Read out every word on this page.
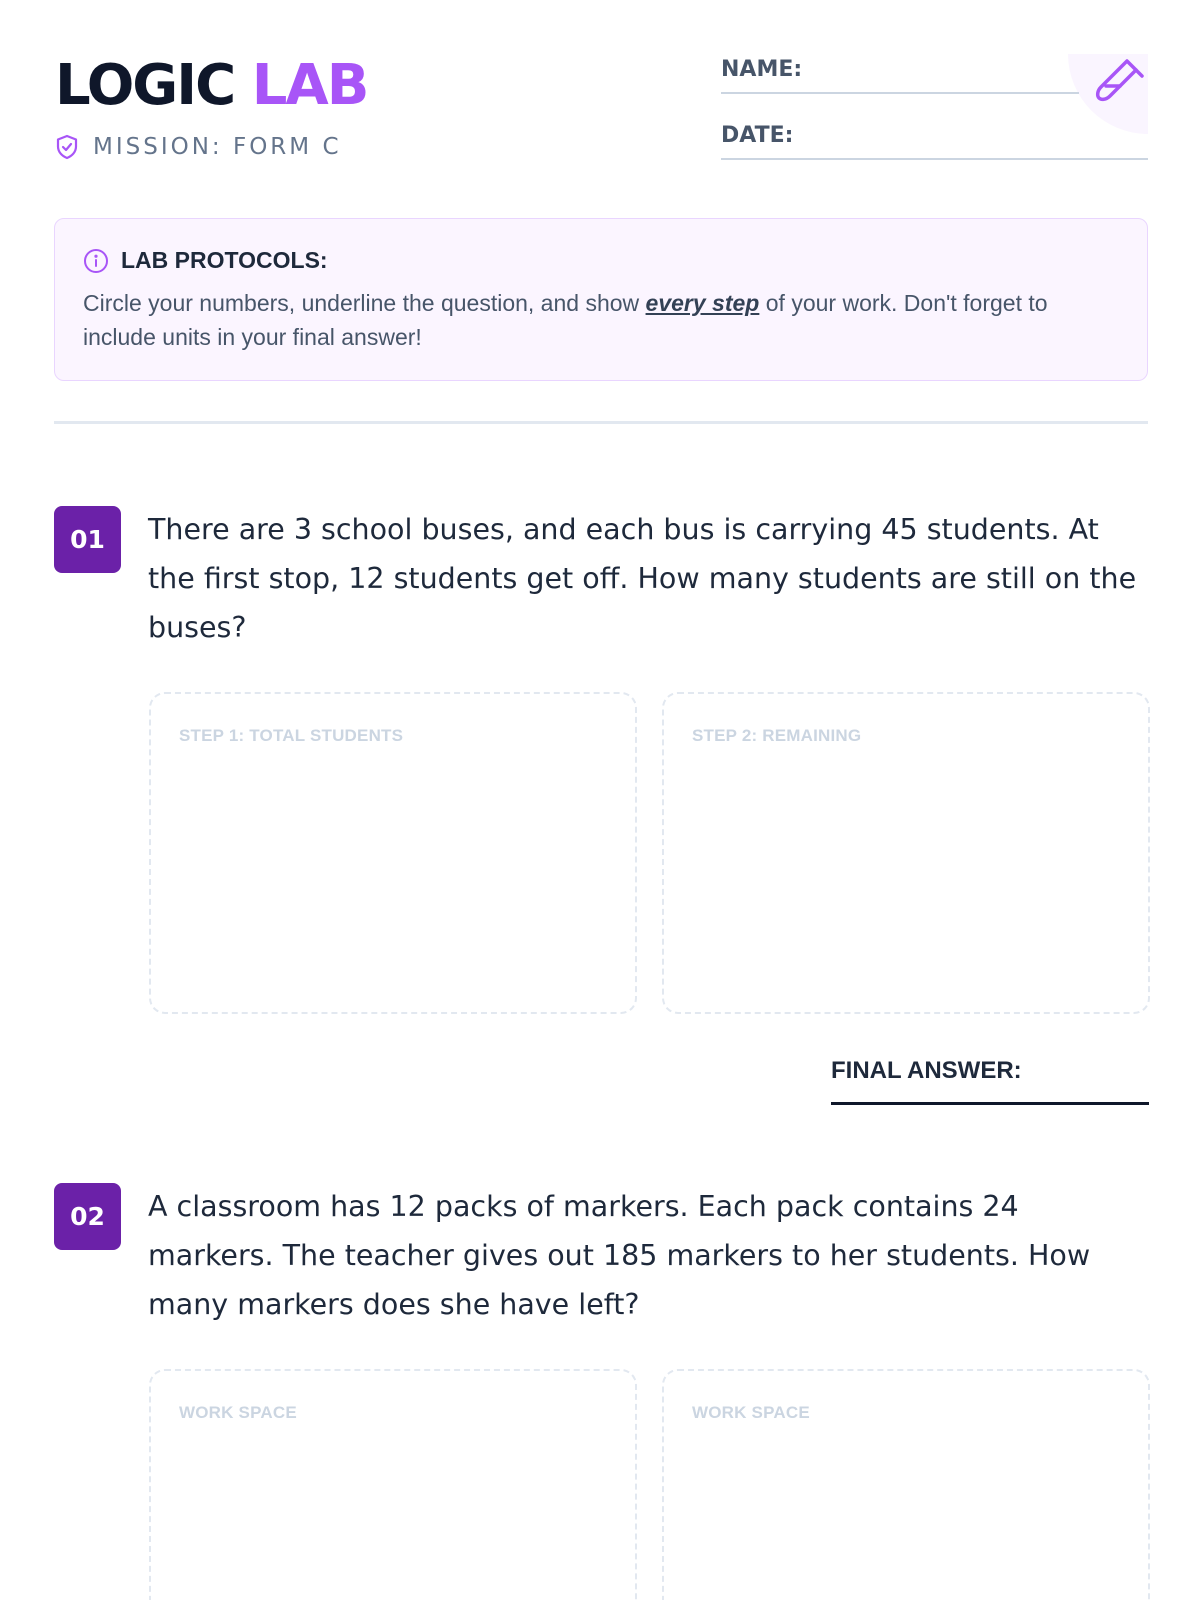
LOGIC LAB
MISSION: FORM C
NAME:
DATE:
LAB PROTOCOLS:
Circle your numbers, underline the question, and show every step of your work. Don't forget to include units in your final answer!
01	There are 3 school buses, and each bus is carrying 45 students. At the first stop, 12 students get off. How many students are still on the buses?
STEP 1: TOTAL STUDENTS	STEP 2: REMAINING
FINAL ANSWER:
02	A classroom has 12 packs of markers. Each pack contains 24 markers. The teacher gives out 185 markers to her students. How many markers does she have left?
WORK SPACE	WORK SPACE
